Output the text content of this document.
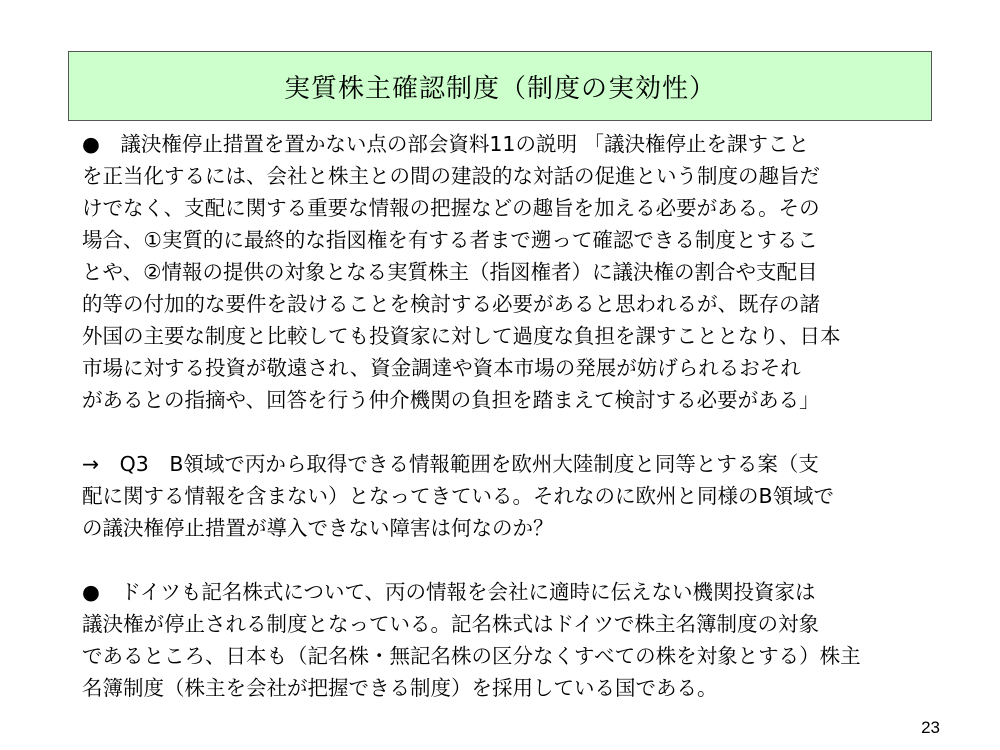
実質株主確認制度（制度の実効性）
●　議決権停止措置を置かない点の部会資料11の説明 「議決権停止を課すこと
を正当化するには、会社と株主との間の建設的な対話の促進という制度の趣旨だ
けでなく、支配に関する重要な情報の把握などの趣旨を加える必要がある。その
場合、①実質的に最終的な指図権を有する者まで遡って確認できる制度とするこ
とや、②情報の提供の対象となる実質株主（指図権者）に議決権の割合や支配目
的等の付加的な要件を設けることを検討する必要があると思われるが、既存の諸
外国の主要な制度と比較しても投資家に対して過度な負担を課すこととなり、日本
市場に対する投資が敬遠され、資金調達や資本市場の発展が妨げられるおそれ
があるとの指摘や、回答を行う仲介機関の負担を踏まえて検討する必要がある」
→　Q3　B領域で丙から取得できる情報範囲を欧州大陸制度と同等とする案（支
配に関する情報を含まない）となってきている。それなのに欧州と同様のB領域で
の議決権停止措置が導入できない障害は何なのか？
●　ドイツも記名株式について、丙の情報を会社に適時に伝えない機関投資家は
議決権が停止される制度となっている。記名株式はドイツで株主名簿制度の対象
であるところ、日本も（記名株・無記名株の区分なくすべての株を対象とする）株主
名簿制度（株主を会社が把握できる制度）を採用している国である。
23
